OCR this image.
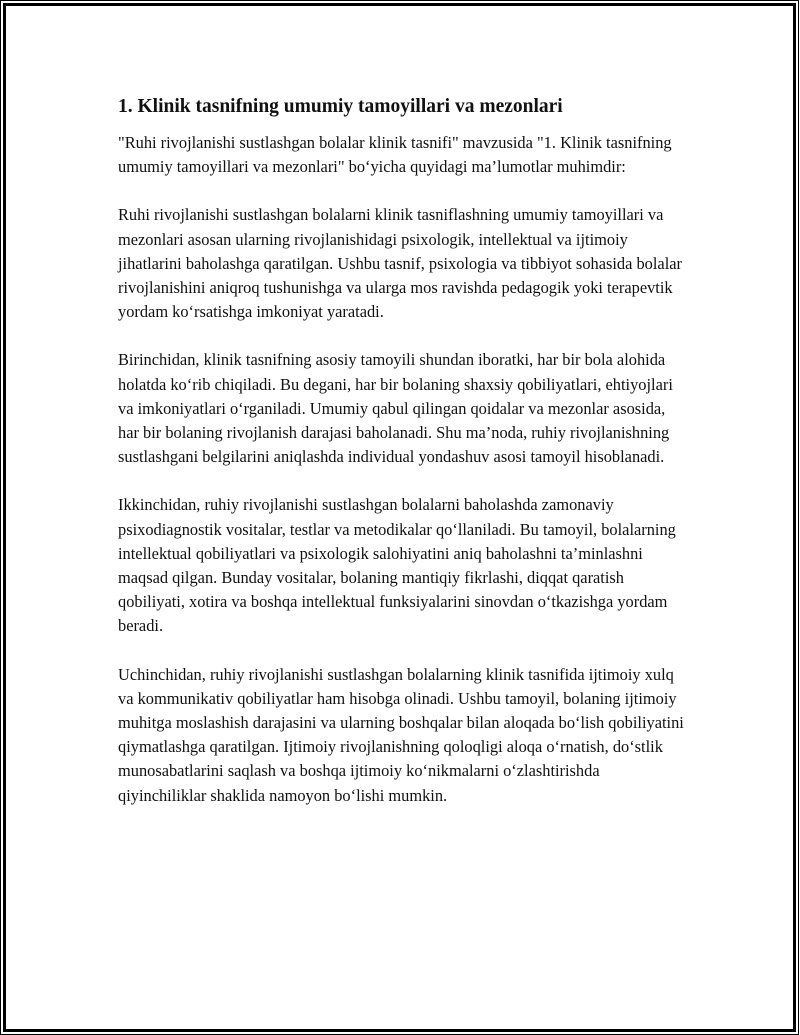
1. Klinik tasnifning umumiy tamoyillari va mezonlari

"Ruhi rivojlanishi sustlashgan bolalar klinik tasnifi" mavzusida "1. Klinik tasnifning umumiy tamoyillari va mezonlari" bo‘yicha quyidagi ma’lumotlar muhimdir:

Ruhi rivojlanishi sustlashgan bolalarni klinik tasniflashning umumiy tamoyillari va mezonlari asosan ularning rivojlanishidagi psixologik, intellektual va ijtimoiy jihatlarini baholashga qaratilgan. Ushbu tasnif, psixologia va tibbiyot sohasida bolalar rivojlanishini aniqroq tushunishga va ularga mos ravishda pedagogik yoki terapevtik yordam ko‘rsatishga imkoniyat yaratadi.

Birinchidan, klinik tasnifning asosiy tamoyili shundan iboratki, har bir bola alohida holatda ko‘rib chiqiladi. Bu degani, har bir bolaning shaxsiy qobiliyatlari, ehtiyojlari va imkoniyatlari o‘rganiladi. Umumiy qabul qilingan qoidalar va mezonlar asosida, har bir bolaning rivojlanish darajasi baholanadi. Shu ma’noda, ruhiy rivojlanishning sustlashgani belgilarini aniqlashda individual yondashuv asosi tamoyil hisoblanadi.

Ikkinchidan, ruhiy rivojlanishi sustlashgan bolalarni baholashda zamonaviy psixodiagnostik vositalar, testlar va metodikalar qo‘llaniladi. Bu tamoyil, bolalarning intellektual qobiliyatlari va psixologik salohiyatini aniq baholashni ta’minlashni maqsad qilgan. Bunday vositalar, bolaning mantiqiy fikrlashi, diqqat qaratish qobiliyati, xotira va boshqa intellektual funksiyalarini sinovdan o‘tkazishga yordam beradi.

Uchinchidan, ruhiy rivojlanishi sustlashgan bolalarning klinik tasnifida ijtimoiy xulq va kommunikativ qobiliyatlar ham hisobga olinadi. Ushbu tamoyil, bolaning ijtimoiy muhitga moslashish darajasini va ularning boshqalar bilan aloqada bo‘lish qobiliyatini qiymatlashga qaratilgan. Ijtimoiy rivojlanishning qoloqligi aloqa o‘rnatish, do‘stlik munosabatlarini saqlash va boshqa ijtimoiy ko‘nikmalarni o‘zlashtirishda qiyinchiliklar shaklida namoyon bo‘lishi mumkin.
